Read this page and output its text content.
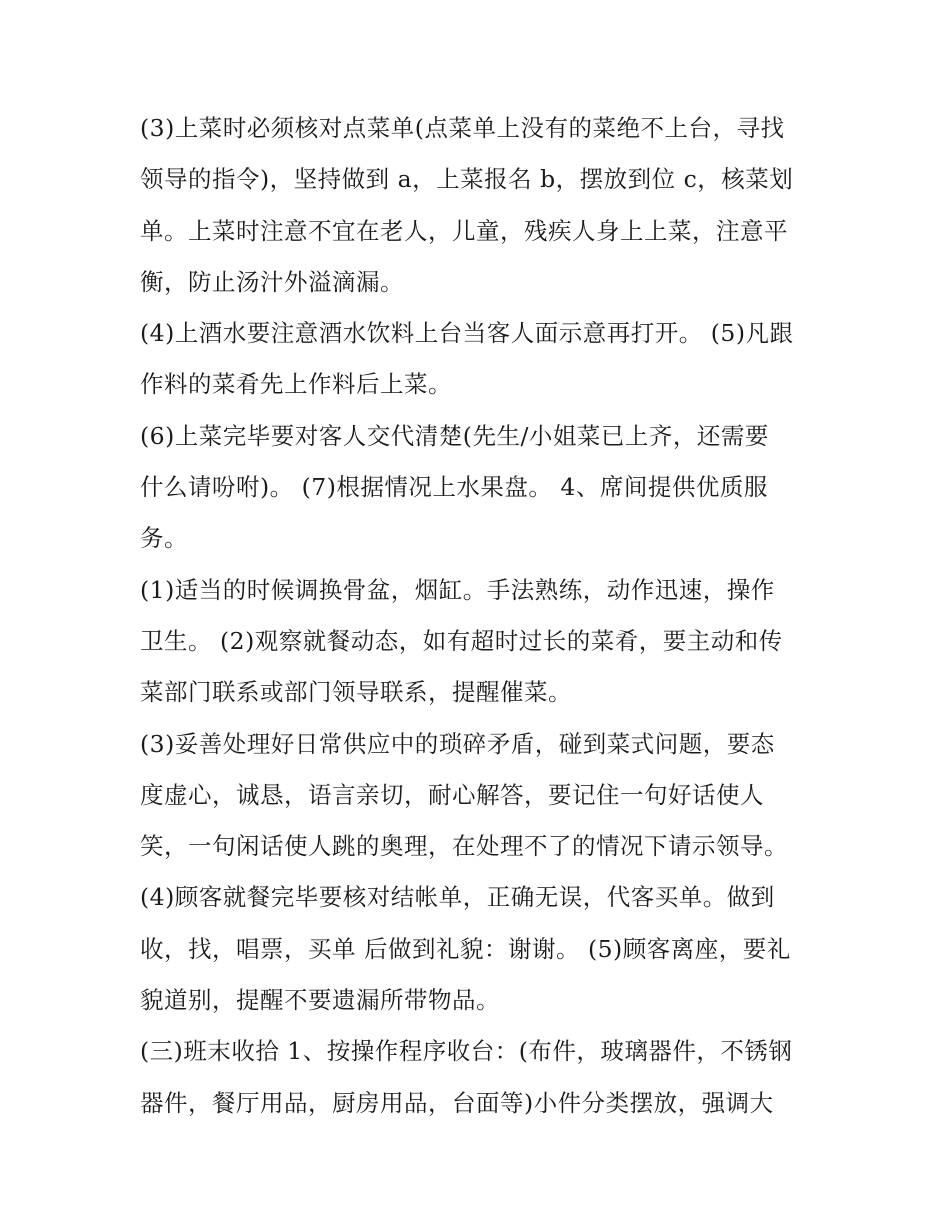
(3)上菜时必须核对点菜单(点菜单上没有的菜绝不上台，寻找
领导的指令)，坚持做到 a，上菜报名 b，摆放到位 c，核菜划
单。上菜时注意不宜在老人，儿童，残疾人身上上菜，注意平
衡，防止汤汁外溢滴漏。
(4)上酒水要注意酒水饮料上台当客人面示意再打开。 (5)凡跟
作料的菜肴先上作料后上菜。
(6)上菜完毕要对客人交代清楚(先生/小姐菜已上齐，还需要
什么请吩咐)。 (7)根据情况上水果盘。 4、席间提供优质服
务。
(1)适当的时候调换骨盆，烟缸。手法熟练，动作迅速，操作
卫生。 (2)观察就餐动态，如有超时过长的菜肴，要主动和传
菜部门联系或部门领导联系，提醒催菜。
(3)妥善处理好日常供应中的琐碎矛盾，碰到菜式问题，要态
度虚心，诚恳，语言亲切，耐心解答，要记住一句好话使人
笑，一句闲话使人跳的奥理，在处理不了的情况下请示领导。
(4)顾客就餐完毕要核对结帐单，正确无误，代客买单。做到
收，找，唱票，买单 后做到礼貌：谢谢。 (5)顾客离座，要礼
貌道别，提醒不要遗漏所带物品。
(三)班末收拾 1、按操作程序收台：(布件，玻璃器件，不锈钢
器件，餐厅用品，厨房用品，台面等)小件分类摆放，强调大
